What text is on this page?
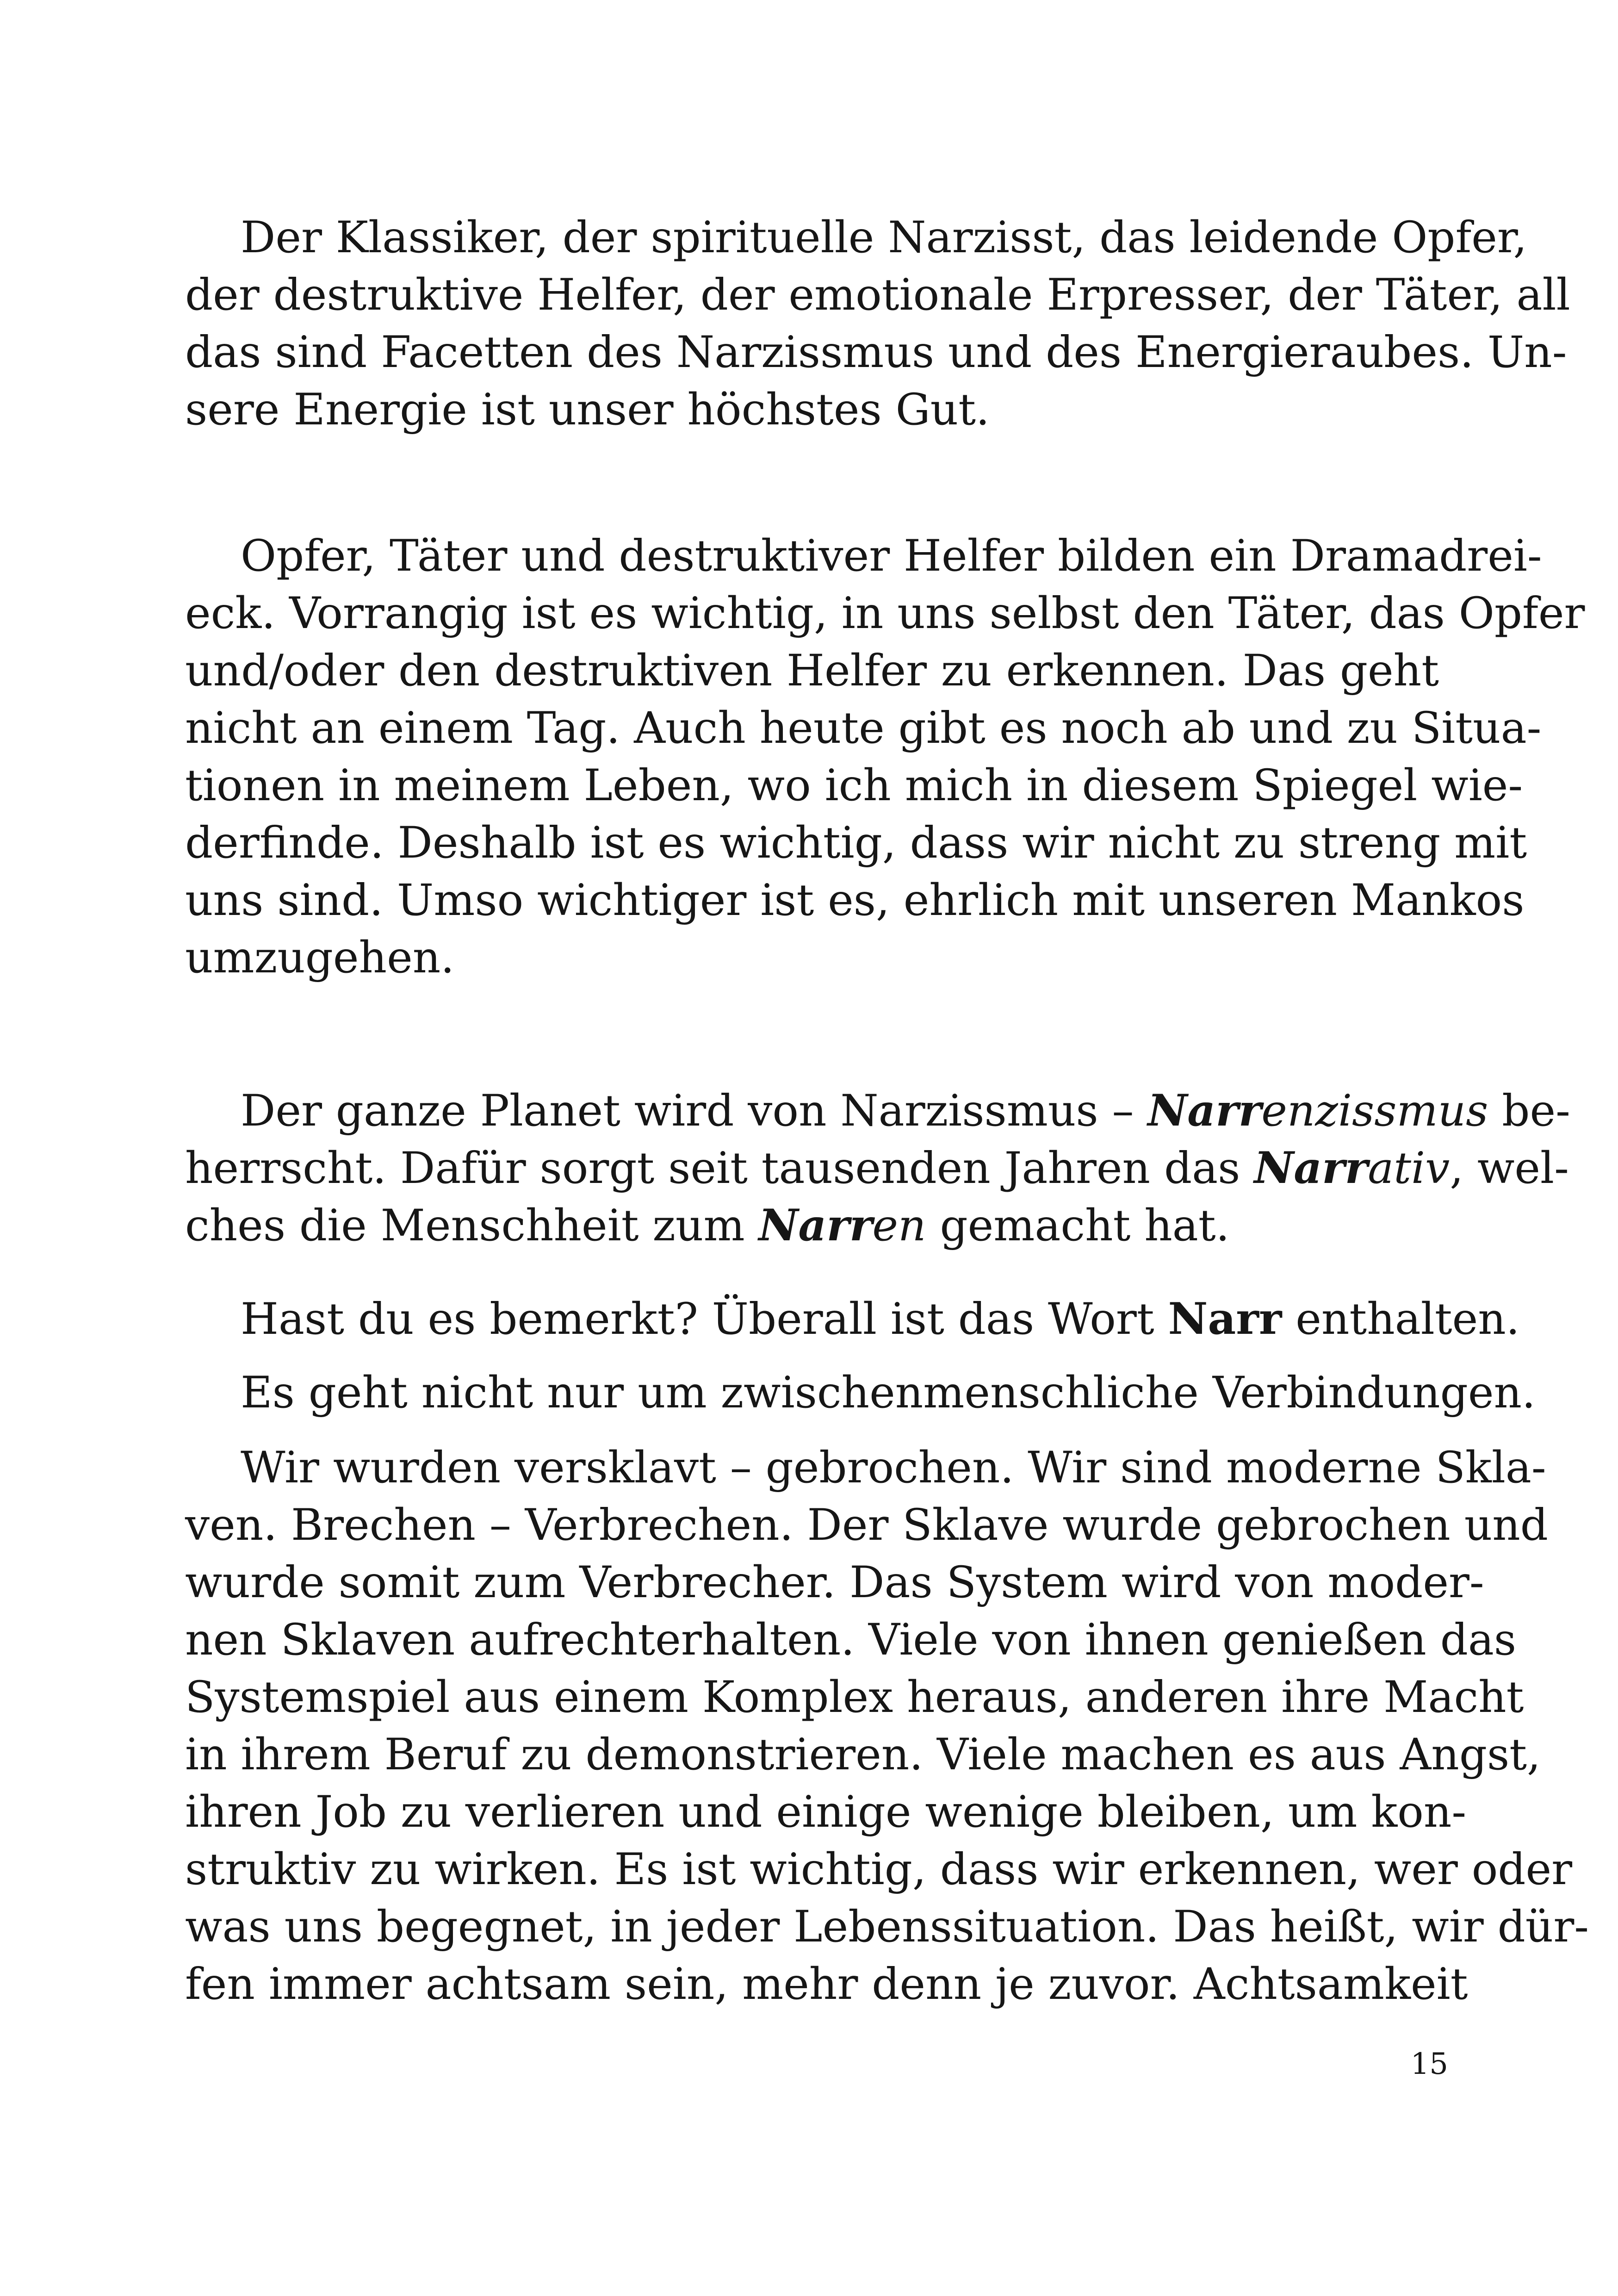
Der Klassiker, der spirituelle Narzisst, das leidende Opfer,
der destruktive Helfer, der emotionale Erpresser, der Täter, all
das sind Facetten des Narzissmus und des Energieraubes. Un-
sere Energie ist unser höchstes Gut.
Opfer, Täter und destruktiver Helfer bilden ein Dramadrei-
eck. Vorrangig ist es wichtig, in uns selbst den Täter, das Opfer
und/oder den destruktiven Helfer zu erkennen. Das geht
nicht an einem Tag. Auch heute gibt es noch ab und zu Situa-
tionen in meinem Leben, wo ich mich in diesem Spiegel wie-
derfinde. Deshalb ist es wichtig, dass wir nicht zu streng mit
uns sind. Umso wichtiger ist es, ehrlich mit unseren Mankos
umzugehen.
Der ganze Planet wird von Narzissmus – Narrenzissmus be-
herrscht. Dafür sorgt seit tausenden Jahren das Narrativ, wel-
ches die Menschheit zum Narren gemacht hat.
Hast du es bemerkt? Überall ist das Wort Narr enthalten.
Es geht nicht nur um zwischenmenschliche Verbindungen.
Wir wurden versklavt – gebrochen. Wir sind moderne Skla-
ven. Brechen – Verbrechen. Der Sklave wurde gebrochen und
wurde somit zum Verbrecher. Das System wird von moder-
nen Sklaven aufrechterhalten. Viele von ihnen genießen das
Systemspiel aus einem Komplex heraus, anderen ihre Macht
in ihrem Beruf zu demonstrieren. Viele machen es aus Angst,
ihren Job zu verlieren und einige wenige bleiben, um kon-
struktiv zu wirken. Es ist wichtig, dass wir erkennen, wer oder
was uns begegnet, in jeder Lebenssituation. Das heißt, wir dür-
fen immer achtsam sein, mehr denn je zuvor. Achtsamkeit
15
